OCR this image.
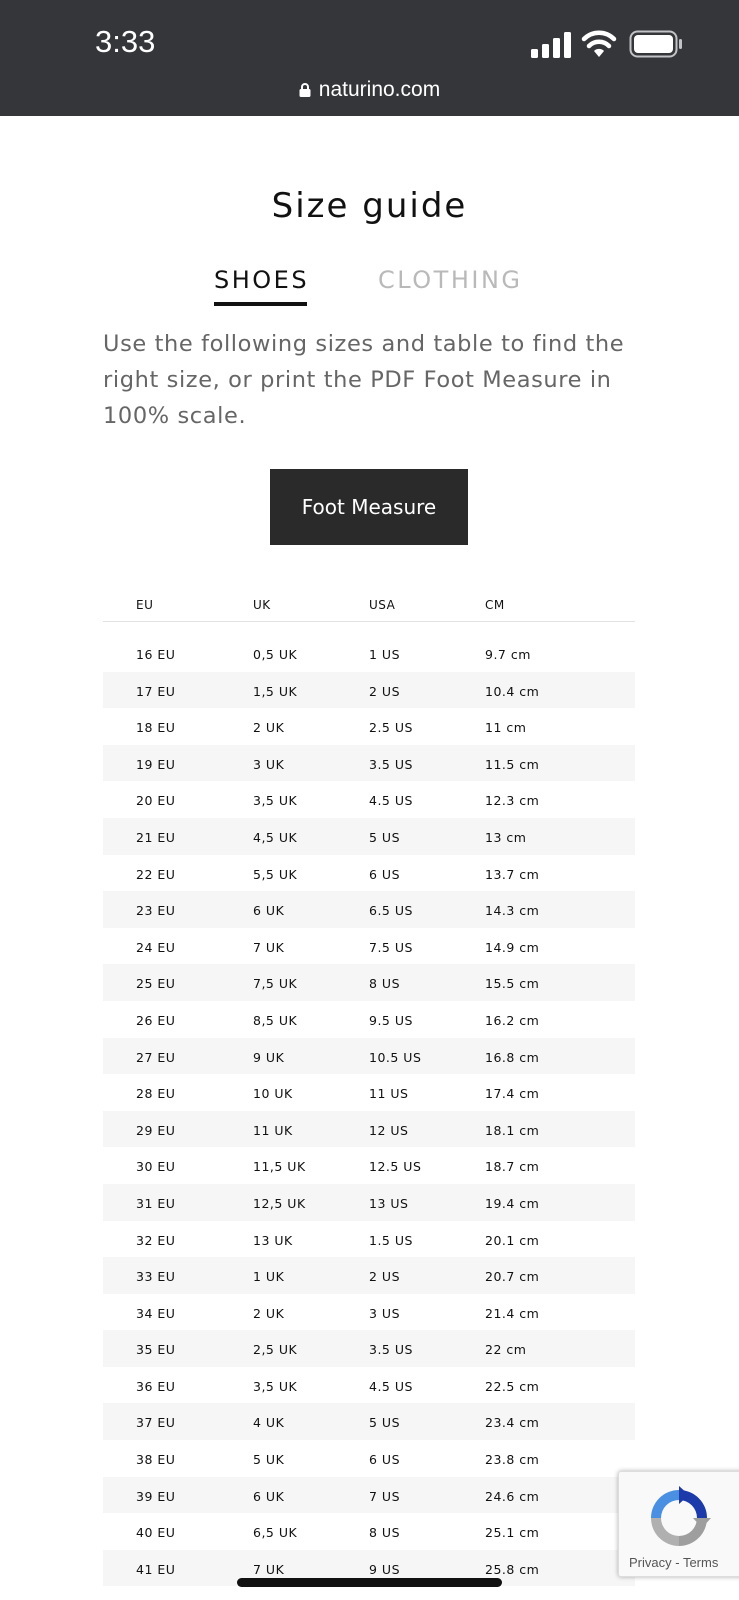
3:33
naturino.com
Size guide
SHOES	CLOTHING
Use the following sizes and table to find the right size, or print the PDF Foot Measure in 100% scale.
Foot Measure
EU	UK	USA	CM
16 EU	0,5 UK	1 US	9.7 cm
17 EU	1,5 UK	2 US	10.4 cm
18 EU	2 UK	2.5 US	11 cm
19 EU	3 UK	3.5 US	11.5 cm
20 EU	3,5 UK	4.5 US	12.3 cm
21 EU	4,5 UK	5 US	13 cm
22 EU	5,5 UK	6 US	13.7 cm
23 EU	6 UK	6.5 US	14.3 cm
24 EU	7 UK	7.5 US	14.9 cm
25 EU	7,5 UK	8 US	15.5 cm
26 EU	8,5 UK	9.5 US	16.2 cm
27 EU	9 UK	10.5 US	16.8 cm
28 EU	10 UK	11 US	17.4 cm
29 EU	11 UK	12 US	18.1 cm
30 EU	11,5 UK	12.5 US	18.7 cm
31 EU	12,5 UK	13 US	19.4 cm
32 EU	13 UK	1.5 US	20.1 cm
33 EU	1 UK	2 US	20.7 cm
34 EU	2 UK	3 US	21.4 cm
35 EU	2,5 UK	3.5 US	22 cm
36 EU	3,5 UK	4.5 US	22.5 cm
37 EU	4 UK	5 US	23.4 cm
38 EU	5 UK	6 US	23.8 cm
39 EU	6 UK	7 US	24.6 cm
40 EU	6,5 UK	8 US	25.1 cm
41 EU	7 UK	9 US	25.8 cm	Privacy - Terms
